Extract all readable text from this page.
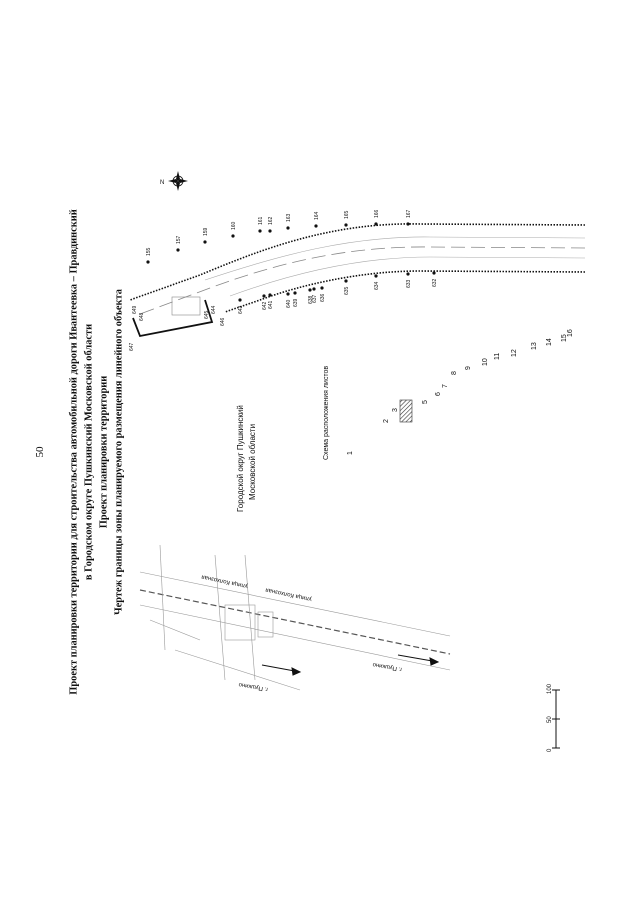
50 Проект планировки территории для строительства автомобильной дороги Ивантеевка – Правдинский в Городском округе Пушкинский Московской области Проект планировки территории Чертеж границы зоны планируемого размещения линейного объекта
155
157
159
160
161 162 163	164	165	166	167
649
648
647
646
645
644	643	642 641 640 639 638
637 636
635
634	633	632
Городской округ Пушкинский Московской области
Схема расположения листов 1
2
3
5
6
7
8
9
10
11 12
13
14
15
16
улица Колхозная
улица Колхозная
г. Пушкино
г. Пушкино
N
0
50
100
